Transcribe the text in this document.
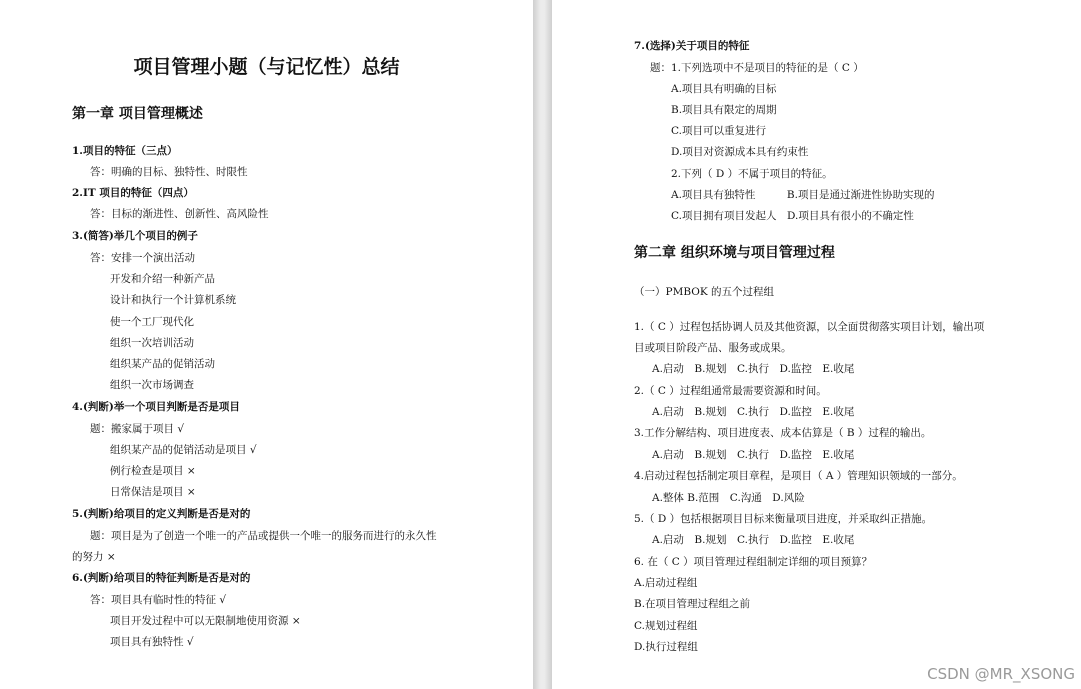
项目管理小题（与记忆性）总结
第一章 项目管理概述
1.项目的特征（三点）
答：明确的目标、独特性、时限性
2.IT 项目的特征（四点）
答：目标的渐进性、创新性、高风险性
3.(简答)举几个项目的例子
答：安排一个演出活动
开发和介绍一种新产品
设计和执行一个计算机系统
使一个工厂现代化
组织一次培训活动
组织某产品的促销活动
组织一次市场调查
4.(判断)举一个项目判断是否是项目
题：搬家属于项目 √
组织某产品的促销活动是项目 √
例行检查是项目 ×
日常保洁是项目 ×
5.(判断)给项目的定义判断是否是对的
题：项目是为了创造一个唯一的产品或提供一个唯一的服务而进行的永久性
的努力 ×
6.(判断)给项目的特征判断是否是对的
答：项目具有临时性的特征 √
项目开发过程中可以无限制地使用资源 ×
项目具有独特性 √
第二章 组织环境与项目管理过程
7.(选择)关于项目的特征
题：1.下列选项中不是项目的特征的是（ C ）
A.项目具有明确的目标
B.项目具有限定的周期
C.项目可以重复进行
D.项目对资源成本具有约束性
2.下列（ D ）不属于项目的特征。
A.项目具有独特性　　　B.项目是通过渐进性协助实现的
C.项目拥有项目发起人　D.项目具有很小的不确定性
（一）PMBOK 的五个过程组
1.（ C ）过程包括协调人员及其他资源，以全面贯彻落实项目计划，输出项
目或项目阶段产品、服务或成果。
A.启动　B.规划　C.执行　D.监控　E.收尾
2.（ C ）过程组通常最需要资源和时间。
A.启动　B.规划　C.执行　D.监控　E.收尾
3.工作分解结构、项目进度表、成本估算是（ B ）过程的输出。
A.启动　B.规划　C.执行　D.监控　E.收尾
4.启动过程包括制定项目章程，是项目（ A ）管理知识领域的一部分。
A.整体 B.范围　C.沟通　D.风险
5.（ D ）包括根据项目目标来衡量项目进度，并采取纠正措施。
A.启动　B.规划　C.执行　D.监控　E.收尾
6. 在（ C ）项目管理过程组制定详细的项目预算？
A.启动过程组
B.在项目管理过程组之前
C.规划过程组
D.执行过程组
CSDN @MR_XSONG
